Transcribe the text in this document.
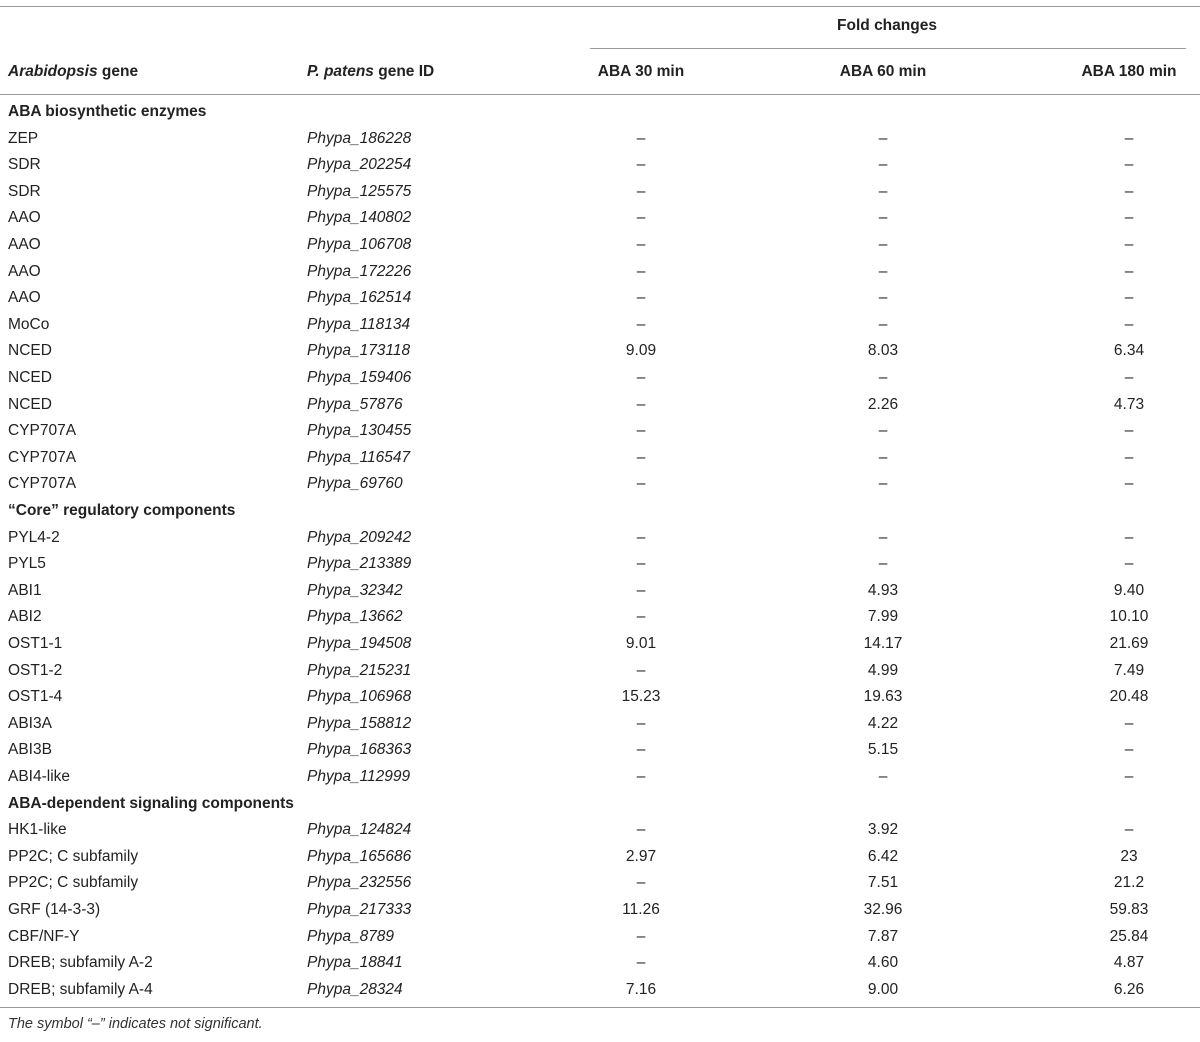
Fold changes
Arabidopsis gene	P. patens gene ID	ABA 30 min	ABA 60 min	ABA 180 min
ABA biosynthetic enzymes
ZEP	Phypa_186228	–	–	–
SDR	Phypa_202254	–	–	–
SDR	Phypa_125575	–	–	–
AAO	Phypa_140802	–	–	–
AAO	Phypa_106708	–	–	–
AAO	Phypa_172226	–	–	–
AAO	Phypa_162514	–	–	–
MoCo	Phypa_118134	–	–	–
NCED	Phypa_173118	9.09	8.03	6.34
NCED	Phypa_159406	–	–	–
NCED	Phypa_57876	–	2.26	4.73
CYP707A	Phypa_130455	–	–	–
CYP707A	Phypa_116547	–	–	–
CYP707A	Phypa_69760	–	–	–
“Core” regulatory components
PYL4-2	Phypa_209242	–	–	–
PYL5	Phypa_213389	–	–	–
ABI1	Phypa_32342	–	4.93	9.40
ABI2	Phypa_13662	–	7.99	10.10
OST1-1	Phypa_194508	9.01	14.17	21.69
OST1-2	Phypa_215231	–	4.99	7.49
OST1-4	Phypa_106968	15.23	19.63	20.48
ABI3A	Phypa_158812	–	4.22	–
ABI3B	Phypa_168363	–	5.15	–
ABI4-like	Phypa_112999	–	–	–
ABA-dependent signaling components
HK1-like	Phypa_124824	–	3.92	–
PP2C; C subfamily	Phypa_165686	2.97	6.42	23
PP2C; C subfamily	Phypa_232556	–	7.51	21.2
GRF (14-3-3)	Phypa_217333	11.26	32.96	59.83
CBF/NF-Y	Phypa_8789	–	7.87	25.84
DREB; subfamily A-2	Phypa_18841	–	4.60	4.87
DREB; subfamily A-4	Phypa_28324	7.16	9.00	6.26
The symbol “–” indicates not significant.
